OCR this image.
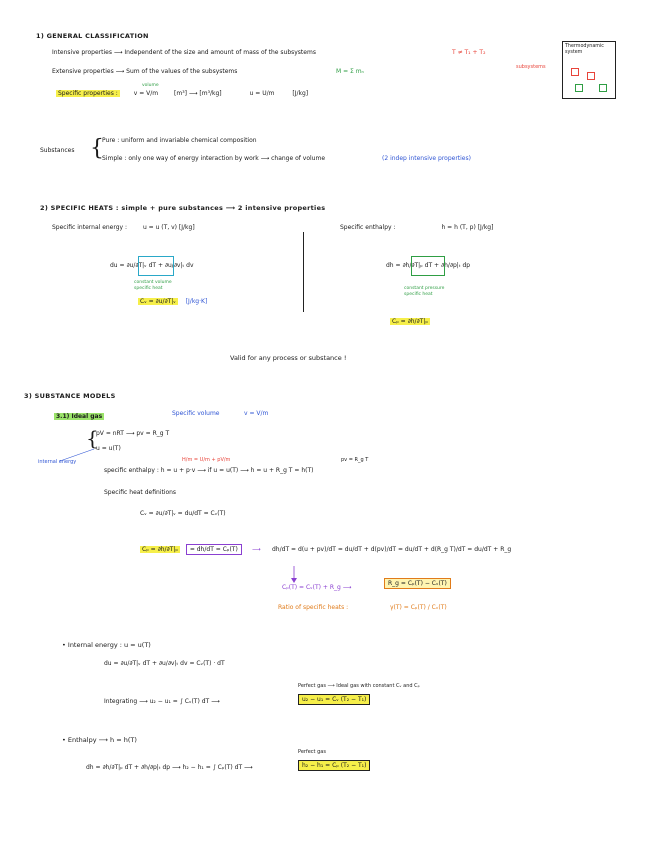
1) GENERAL CLASSIFICATION
Intensive properties ⟶ Independent of the size and amount of mass of the subsystems	T ≠ T₁ + T₂
Extensive properties ⟶ Sum of the values of the subsystems	M = Σ mₙ
subsystems
volume
Specific properties :	v = V/m	[m³] ⟶ [m³/kg]	u = U/m	[J/kg]
Thermodynamic
system
Substances {
Pure : uniform and invariable chemical composition
Simple : only one way of energy interaction by work ⟶ change of volume	(2 indep intensive properties)
2) SPECIFIC HEATS : simple + pure substances ⟶ 2 intensive properties
Specific internal energy :	u = u (T, v) [J/kg]	Specific enthalpy :	h = h (T, p) [J/kg]
du = ∂u/∂T|ᵥ dT + ∂u/∂v|ₜ dv
constant volume
specific heat
Cᵥ = ∂u/∂T|ᵥ [J/kg·K]
dh = ∂h/∂T|ₚ dT + ∂h/∂p|ₜ dp
constant pressure
specific heat
Cₚ = ∂h/∂T|ₚ
Valid for any process or substance !
3) SUBSTANCE MODELS
3.1) Ideal gas	Specific volume	v = V/m
{
pV = nRT ⟶ pv = R_g T
u = u(T)
internal energy	H/m = U/m + pV/m	pv = R_g T
specific enthalpy : h = u + p·v ⟶ if u = u(T) ⟶ h = u + R_g T = h(T)
Specific heat definitions
Cᵥ = ∂u/∂T|ᵥ = du/dT = Cᵥ(T)
Cₚ = ∂h/∂T|ₚ = dh/dT = Cₚ(T)	⟶ dh/dT = d(u + pv)/dT = du/dT + d(pv)/dT = du/dT + d(R_g T)/dT = du/dT + R_g
Cₚ(T) = Cᵥ(T) + R_g ⟶
R_g = Cₚ(T) − Cᵥ(T)
Ratio of specific heats :	γ(T) = Cₚ(T) / Cᵥ(T)
• Internal energy : u = u(T)
du = ∂u/∂T|ᵥ dT + ∂u/∂v|ₜ dv = Cᵥ(T) · dT
Perfect gas ⟶ Ideal gas with constant Cᵥ and Cₚ
Integrating ⟶ u₂ − u₁ = ∫ Cᵥ(T) dT ⟶	u₂ − u₁ = Cᵥ (T₂ − T₁)
• Enthalpy ⟶ h = h(T)
Perfect gas
dh = ∂h/∂T|ₚ dT + ∂h/∂p|ₜ dp ⟶ h₂ − h₁ = ∫ Cₚ(T) dT ⟶	h₂ − h₁ = Cₚ (T₂ − T₁)
